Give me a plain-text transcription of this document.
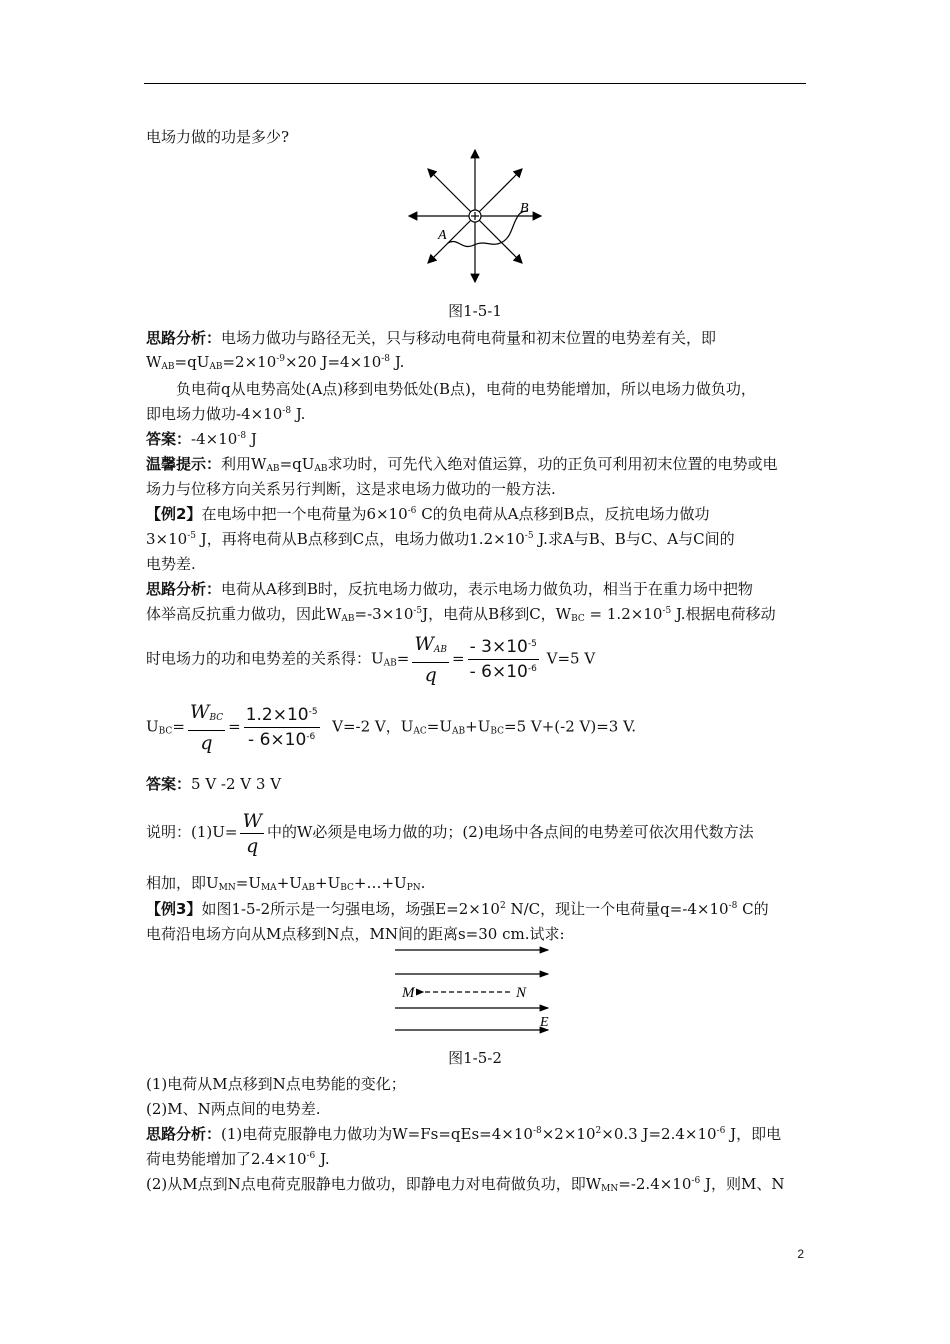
电场力做的功是多少?
A
B
图1-5-1
思路分析：电场力做功与路径无关，只与移动电荷电荷量和初末位置的电势差有关，即
$W_{AB}=qU_{AB}=2\times 10^{-9}\times 20$ $J=4\times 10^{-8}$ J.
负电荷q从电势高处(A点)移到电势低处(B点)，电荷的电势能增加，所以电场力做负功，
即电场力做功$-4\times 10^{-8}$ J.
答案：$-4\times 10^{-8}$ J
温馨提示：利用$W_{AB}=qU_{AB}$求功时，可先代入绝对值运算，功的正负可利用初末位置的电势或电
场力与位移方向关系另行判断，这是求电场力做功的一般方法.
【例2】在电场中把一个电荷量为$6\times 10^{-6}$ C的负电荷从A点移到B点，反抗电场力做功
$3\times 10^{-5}$ J，再将电荷从B点移到C点，电场力做功$1.2\times 10^{-5}$ J.求A与B、B与C、A与C间的
电势差.
思路分析：电荷从A移到B时，反抗电场力做功，表示电场力做负功，相当于在重力场中把物
体举高反抗重力做功，因此$W_{AB}=-3\times 10^{-5}J$，电荷从B移到C，$W_{BC} = 1.2\times 10^{-5}$ J.根据电荷移动
时电场力的功和电势差的关系得：$U_{AB}= \frac{W_{AB}}{q} = \frac{- 3\times 10^{-5}}{- 6\times 10^{-6}} V=5$ V
$U_{BC}= \frac{W_{BC}}{q} = \frac{1.2\times 10^{-5}}{- 6\times 10^{-6}} V=-2$ V，$U_{AC}=U_{AB}+U_{BC}=5$ V+(-2 V)=3 V.
答案：5 V -2 V 3 V
说明：$(1)U= \frac{W}{q}$ 中的W必须是电场力做的功；(2)电场中各点间的电势差可依次用代数方法
相加，即$U_{MN}=U_{MA}+U_{AB}+U_{BC}+\dots+U_{PN}$.
【例3】如图1-5-2所示是一匀强电场，场强$E=2\times 10^2$ N/C，现让一个电荷量$q=-4\times 10^{-8}$ C的
电荷沿电场方向从M点移到N点，MN间的距离s=30 cm.试求:
M	N
E
图1-5-2
(1)电荷从M点移到N点电势能的变化；
(2)M、N两点间的电势差.
思路分析：(1)电荷克服静电力做功为$W=Fs=qEs=4\times 10^{-8}\times 2\times 10^2\times 0.3$ $J=2.4\times 10^{-6}$ J，即电
荷电势能增加了$2.4\times 10^{-6}$ J.
(2)从M点到N点电荷克服静电力做功，即静电力对电荷做负功，即$W_{MN}=-2.4\times 10^{-6}$ J，则M、N
2
